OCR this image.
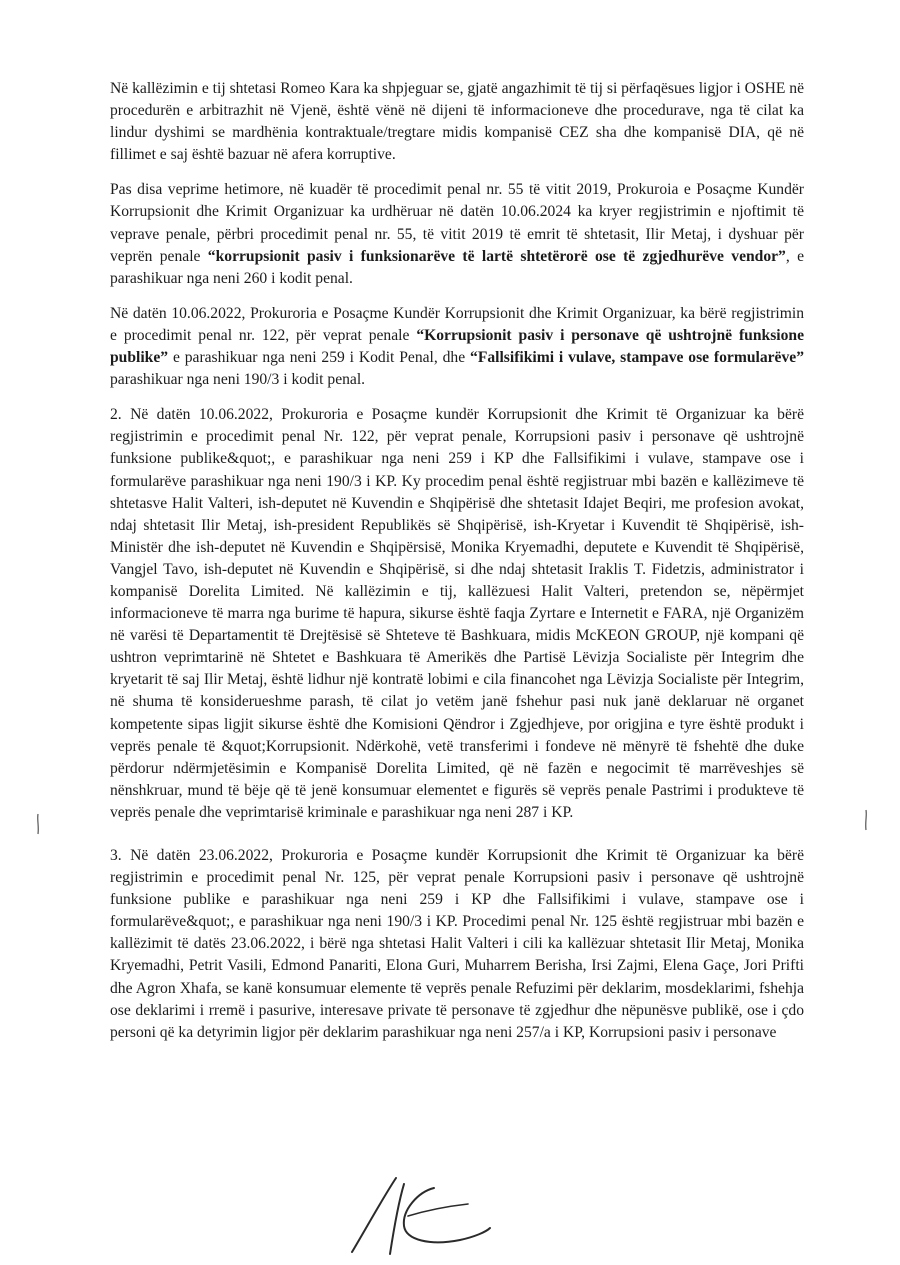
Në kallëzimin e tij shtetasi Romeo Kara ka shpjeguar se, gjatë angazhimit të tij si përfaqësues ligjor i OSHE në procedurën e arbitrazhit në Vjenë, është vënë në dijeni të informacioneve dhe procedurave, nga të cilat ka lindur dyshimi se mardhënia kontraktuale/tregtare midis kompanisë CEZ sha dhe kompanisë DIA, që në fillimet e saj është bazuar në afera korruptive.

Pas disa veprime hetimore, në kuadër të procedimit penal nr. 55 të vitit 2019, Prokuroia e Posaçme Kundër Korrupsionit dhe Krimit Organizuar ka urdhëruar në datën 10.06.2024 ka kryer regjistrimin e njoftimit të veprave penale, përbri procedimit penal nr. 55, të vitit 2019 të emrit të shtetasit, Ilir Metaj, i dyshuar për veprën penale “korrupsionit pasiv i funksionarëve të lartë shtetërorë ose të zgjedhurëve vendor”, e parashikuar nga neni 260 i kodit penal.

Në datën 10.06.2022, Prokuroria e Posaçme Kundër Korrupsionit dhe Krimit Organizuar, ka bërë regjistrimin e procedimit penal nr. 122, për veprat penale “Korrupsionit pasiv i personave që ushtrojnë funksione publike” e parashikuar nga neni 259 i Kodit Penal, dhe “Fallsifikimi i vulave, stampave ose formularëve” parashikuar nga neni 190/3 i kodit penal.

2. Në datën 10.06.2022, Prokuroria e Posaçme kundër Korrupsionit dhe Krimit të Organizuar ka bërë regjistrimin e procedimit penal Nr. 122, për veprat penale, Korrupsioni pasiv i personave që ushtrojnë funksione publike&quot;, e parashikuar nga neni 259 i KP dhe Fallsifikimi i vulave, stampave ose i formularëve parashikuar nga neni 190/3 i KP. Ky procedim penal është regjistruar mbi bazën e kallëzimeve të shtetasve Halit Valteri, ish-deputet në Kuvendin e Shqipërisë dhe shtetasit Idajet Beqiri, me profesion avokat, ndaj shtetasit Ilir Metaj, ish-president Republikës së Shqipërisë, ish-Kryetar i Kuvendit të Shqipërisë, ish-Ministër dhe ish-deputet në Kuvendin e Shqipërsisë, Monika Kryemadhi, deputete e Kuvendit të Shqipërisë, Vangjel Tavo, ish-deputet në Kuvendin e Shqipërisë, si dhe ndaj shtetasit Iraklis T. Fidetzis, administrator i kompanisë Dorelita Limited. Në kallëzimin e tij, kallëzuesi Halit Valteri, pretendon se, nëpërmjet informacioneve të marra nga burime të hapura, sikurse është faqja Zyrtare e Internetit e FARA, një Organizëm në varësi të Departamentit të Drejtësisë së Shteteve të Bashkuara, midis McKEON GROUP, një kompani që ushtron veprimtarinë në Shtetet e Bashkuara të Amerikës dhe Partisë Lëvizja Socialiste për Integrim dhe kryetarit të saj Ilir Metaj, është lidhur një kontratë lobimi e cila financohet nga Lëvizja Socialiste për Integrim, në shuma të konsiderueshme parash, të cilat jo vetëm janë fshehur pasi nuk janë deklaruar në organet kompetente sipas ligjit sikurse është dhe Komisioni Qëndror i Zgjedhjeve, por origjina e tyre është produkt i veprës penale të &quot;Korrupsionit. Ndërkohë, vetë transferimi i fondeve në mënyrë të fshehtë dhe duke përdorur ndërmjetësimin e Kompanisë Dorelita Limited, që në fazën e negocimit të marrëveshjes së nënshkruar, mund të bëje që të jenë konsumuar elementet e figurës së veprës penale Pastrimi i produkteve të veprës penale dhe veprimtarisë kriminale e parashikuar nga neni 287 i KP.

3. Në datën 23.06.2022, Prokuroria e Posaçme kundër Korrupsionit dhe Krimit të Organizuar ka bërë regjistrimin e procedimit penal Nr. 125, për veprat penale Korrupsioni pasiv i personave që ushtrojnë funksione publike e parashikuar nga neni 259 i KP dhe Fallsifikimi i vulave, stampave ose i formularëve&quot;, e parashikuar nga neni 190/3 i KP. Procedimi penal Nr. 125 është regjistruar mbi bazën e kallëzimit të datës 23.06.2022, i bërë nga shtetasi Halit Valteri i cili ka kallëzuar shtetasit Ilir Metaj, Monika Kryemadhi, Petrit Vasili, Edmond Panariti, Elona Guri, Muharrem Berisha, Irsi Zajmi, Elena Gaçe, Jori Prifti dhe Agron Xhafa, se kanë konsumuar elemente të veprës penale Refuzimi për deklarim, mosdeklarimi, fshehja ose deklarimi i rremë i pasurive, interesave private të personave të zgjedhur dhe nëpunësve publikë, ose i çdo personi që ka detyrimin ligjor për deklarim parashikuar nga neni 257/a i KP, Korrupsioni pasiv i personave
